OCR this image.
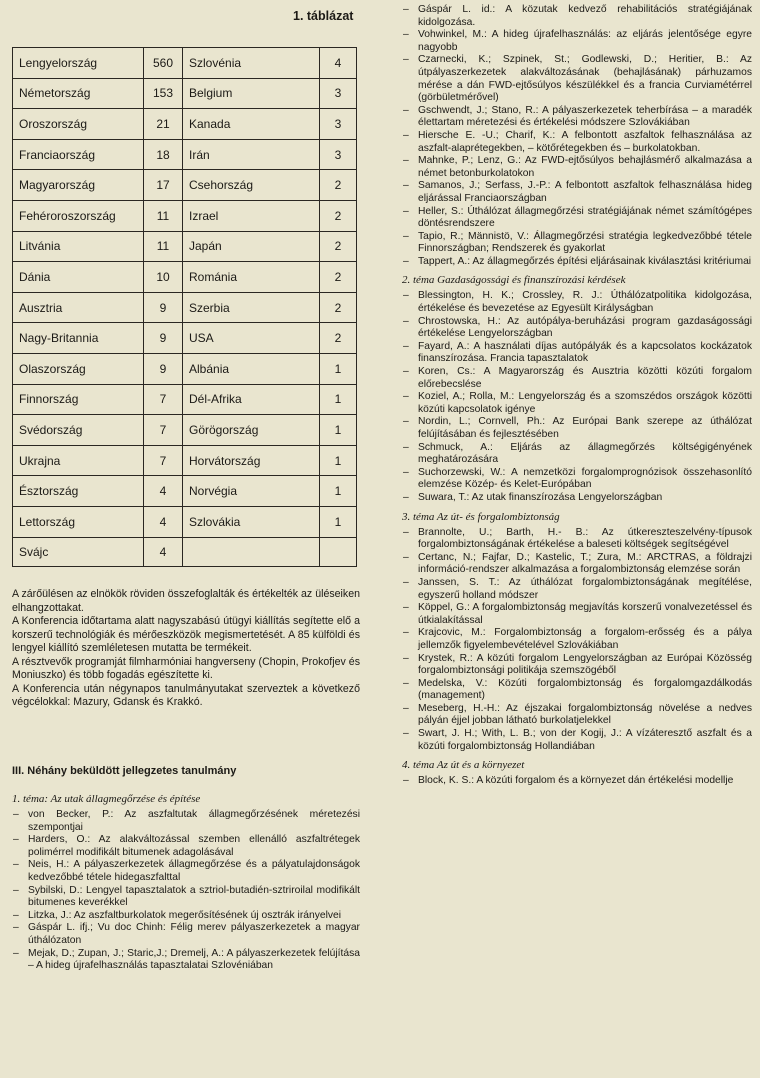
1. táblázat
Lengyelország	560	Szlovénia	4
Németország	153	Belgium	3
Oroszország	21	Kanada	3
Franciaország	18	Irán	3
Magyarország	17	Csehország	2
Fehéroroszország	11	Izrael	2
Litvánia	11	Japán	2
Dánia	10	Románia	2
Ausztria	9	Szerbia	2
Nagy-Britannia	9	USA	2
Olaszország	9	Albánia	1
Finnország	7	Dél-Afrika	1
Svédország	7	Görögország	1
Ukrajna	7	Horvátország	1
Észtország	4	Norvégia	1
Lettország	4	Szlovákia	1
Svájc	4		

A zárőülésen az elnökök röviden összefoglalták és értékelték az üléseiken elhangzottakat.

A Konferencia időtartama alatt nagyszabású útügyi kiállítás segítette elő a korszerű technológiák és mérőeszközök megismertetését. A 85 külföldi és lengyel kiállító szemléletesen mutatta be termékeit.

A résztvevők programját filmharmóniai hangverseny (Chopin, Prokofjev és Moniuszko) és több fogadás egészítette ki.

A Konferencia után négynapos tanulmányutakat szerveztek a következő végcélokkal: Mazury, Gdansk és Krakkó.

III. Néhány beküldött jellegzetes tanulmány
1. téma: Az utak állagmegőrzése és építése
– von Becker, P.: Az aszfaltutak állagmegőrzésének méretezési szempontjai
– Harders, O.: Az alakváltozással szemben ellenálló aszfaltrétegek polimérrel modifikált bitumenek adagolásával
– Neis, H.: A pályaszerkezetek állagmegőrzése és a pályatulajdonságok kedvezőbbé tétele hidegaszfalttal
– Sybilski, D.: Lengyel tapasztalatok a sztriol-butadién-sztriroilal modifikált bitumenes keverékkel
– Litzka, J.: Az aszfaltburkolatok megerősítésének új osztrák irányelvei
– Gáspár L. ifj.; Vu doc Chinh: Félig merev pályaszerkezetek a magyar úthálózaton
– Mejak, D.; Zupan, J.; Staric,J.; Dremelj, A.: A pályaszerkezetek felújítása – A hideg újrafelhasználás tapasztalatai Szlovéniában
– Gáspár L. id.: A közutak kedvező rehabilitációs stratégiájának kidolgozása.
– Vohwinkel, M.: A hideg újrafelhasználás: az eljárás jelentősége egyre nagyobb
– Czarnecki, K.; Szpinek, St.; Godlewski, D.; Heritier, B.: Az útpályaszerkezetek alakváltozásának (behajlásának) párhuzamos mérése a dán FWD-ejtősúlyos készülékkel és a francia Curviamétérrel (görbületmérővel)
– Gschwendt, J.; Stano, R.: A pályaszerkezetek teherbírása – a maradék élettartam méretezési és értékelési módszere Szlovákiában
– Hiersche E. -U.; Charif, K.: A felbontott aszfaltok felhasználása az aszfalt-alaprétegekben, – kötőrétegekben és – burkolatokban.
– Mahnke, P.; Lenz, G.: Az FWD-ejtősúlyos behajlásmérő alkalmazása a német betonburkolatokon
– Samanos, J.; Serfass, J.-P.: A felbontott aszfaltok felhasználása hideg eljárással Franciaországban
– Heller, S.: Úthálózat állagmegőrzési stratégiájának német számítógépes döntésrendszere
– Tapio, R.; Männistö, V.: Állagmegőrzési stratégia legkedvezőbbé tétele Finnországban; Rendszerek és gyakorlat
– Tappert, A.: Az állagmegőrzés építési eljárásainak kiválasztási kritériumai
2. téma Gazdaságossági és finanszírozási kérdések
– Blessington, H. K.; Crossley, R. J.: Úthálózatpolitika kidolgozása, értékelése és bevezetése az Egyesült Királyságban
– Chrostowska, H.: Az autópálya-beruházási program gazdaságossági értékelése Lengyelországban
– Fayard, A.: A használati díjas autópályák és a kapcsolatos kockázatok finanszírozása. Francia tapasztalatok
– Koren, Cs.: A Magyarország és Ausztria közötti közúti forgalom előrebecslése
– Koziel, A.; Rolla, M.: Lengyelország és a szomszédos országok közötti közúti kapcsolatok igénye
– Nordin, L.; Cornvell, Ph.: Az Európai Bank szerepe az úthálózat felújításában és fejlesztésében
– Schmuck, A.: Eljárás az állagmegőrzés költségigényének meghatározására
– Suchorzewski, W.: A nemzetközi forgalomprognózisok összehasonlító elemzése Közép- és Kelet-Európában
– Suwara, T.: Az utak finanszírozása Lengyelországban
3. téma Az út- és forgalombiztonság
– Brannolte, U.; Barth, H.- B.: Az útkereszteszelvény-típusok forgalombiztonságának értékelése a baleseti költségek segítségével
– Certanc, N.; Fajfar, D.; Kastelic, T.; Zura, M.: ARCTRAS, a földrajzi információ-rendszer alkalmazása a forgalombiztonság elemzése során
– Janssen, S. T.: Az úthálózat forgalombiztonságának megítélése, egyszerű holland módszer
– Köppel, G.: A forgalombiztonság megjavítás korszerű vonalvezetéssel és útkialakítással
– Krajcovic, M.: Forgalombiztonság a forgalom-erősség és a pálya jellemzők figyelembevételével Szlovákiában
– Krystek, R.: A közúti forgalom Lengyelországban az Európai Közösség forgalombiztonsági politikája szemszögéből
– Medelska, V.: Közúti forgalombiztonság és forgalomgazdálkodás (management)
– Meseberg, H.-H.: Az éjszakai forgalombiztonság növelése a nedves pályán éjjel jobban látható burkolatjelekkel
– Swart, J. H.; With, L. B.; von der Kogij, J.: A vízáteresztő aszfalt és a közúti forgalombiztonság Hollandiában
4. téma Az út és a környezet
– Block, K. S.: A közúti forgalom és a környezet dán értékelési modellje
